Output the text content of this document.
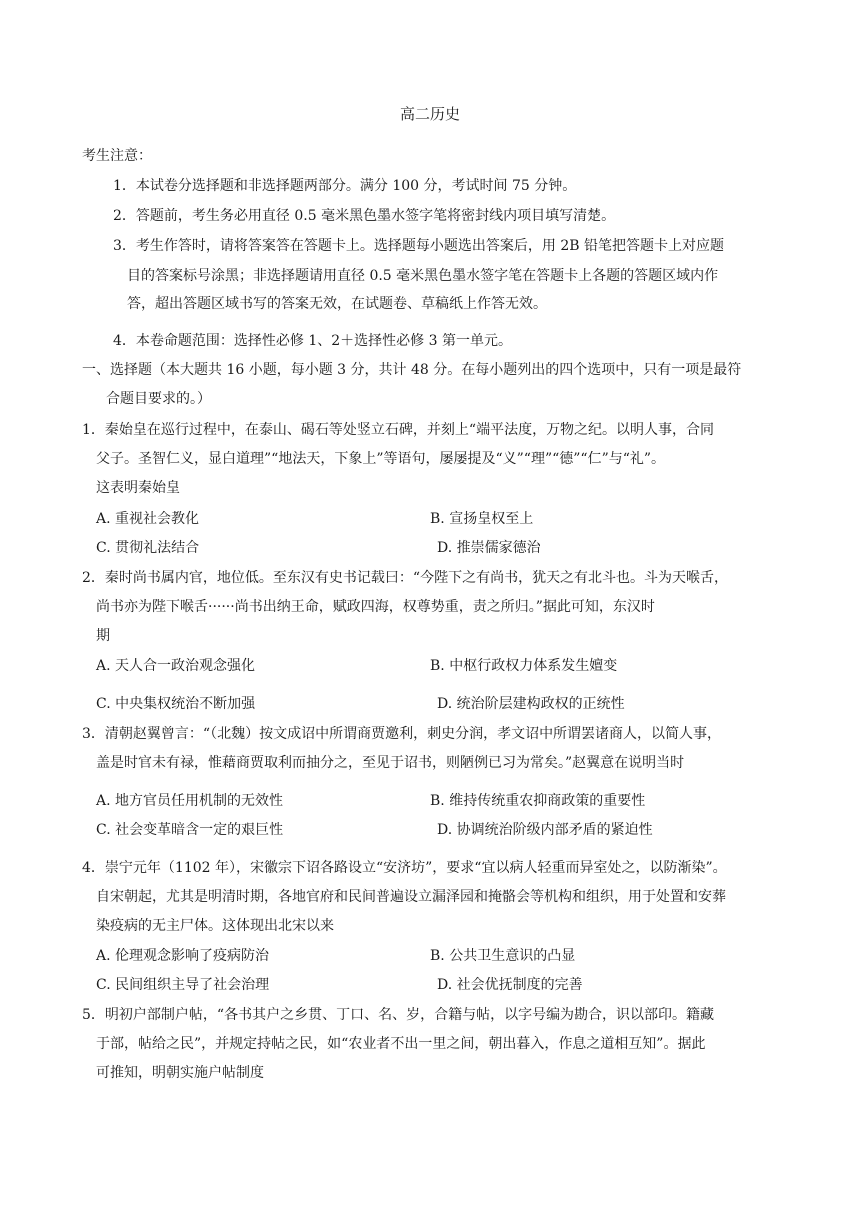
高二历史
考生注意：
1．本试卷分选择题和非选择题两部分。满分 100 分，考试时间 75 分钟。
2．答题前，考生务必用直径 0.5 毫米黑色墨水签字笔将密封线内项目填写清楚。
3．考生作答时，请将答案答在答题卡上。选择题每小题选出答案后，用 2B 铅笔把答题卡上对应题
目的答案标号涂黑；非选择题请用直径 0.5 毫米黑色墨水签字笔在答题卡上各题的答题区域内作
答，超出答题区域书写的答案无效，在试题卷、草稿纸上作答无效。
4．本卷命题范围：选择性必修 1、2＋选择性必修 3 第一单元。
一、选择题（本大题共 16 小题，每小题 3 分，共计 48 分。在每小题列出的四个选项中，只有一项是最符
合题目要求的。）
1．秦始皇在巡行过程中，在泰山、碣石等处竖立石碑，并刻上“端平法度，万物之纪。以明人事，合同
父子。圣智仁义，显白道理”“地法天，下象上”等语句，屡屡提及“义”“理”“德”“仁”与“礼”。
这表明秦始皇
A. 重视社会教化	B. 宣扬皇权至上
C. 贯彻礼法结合	D. 推崇儒家德治
2．秦时尚书属内官，地位低。至东汉有史书记载曰：“今陛下之有尚书，犹天之有北斗也。斗为天喉舌，
尚书亦为陛下喉舌······尚书出纳王命，赋政四海，权尊势重，责之所归。”据此可知，东汉时
期
A. 天人合一政治观念强化	B. 中枢行政权力体系发生嬗变
C. 中央集权统治不断加强	D. 统治阶层建构政权的正统性
3．清朝赵翼曾言：“（北魏）按文成诏中所谓商贾邀利，刺史分润，孝文诏中所谓罢诸商人，以简人事，
盖是时官未有禄，惟藉商贾取利而抽分之，至见于诏书，则陋例已习为常矣。”赵翼意在说明当时
A. 地方官员任用机制的无效性	B. 维持传统重农抑商政策的重要性
C. 社会变革暗含一定的艰巨性	D. 协调统治阶级内部矛盾的紧迫性
4．崇宁元年（1102 年），宋徽宗下诏各路设立“安济坊”，要求“宜以病人轻重而异室处之，以防渐染”。
自宋朝起，尤其是明清时期，各地官府和民间普遍设立漏泽园和掩骼会等机构和组织，用于处置和安葬
染疫病的无主尸体。这体现出北宋以来
A. 伦理观念影响了疫病防治	B. 公共卫生意识的凸显
C. 民间组织主导了社会治理	D. 社会优抚制度的完善
5．明初户部制户帖，“各书其户之乡贯、丁口、名、岁，合籍与帖，以字号编为勘合，识以部印。籍藏
于部，帖给之民”，并规定持帖之民，如“农业者不出一里之间，朝出暮入，作息之道相互知”。据此
可推知，明朝实施户帖制度
